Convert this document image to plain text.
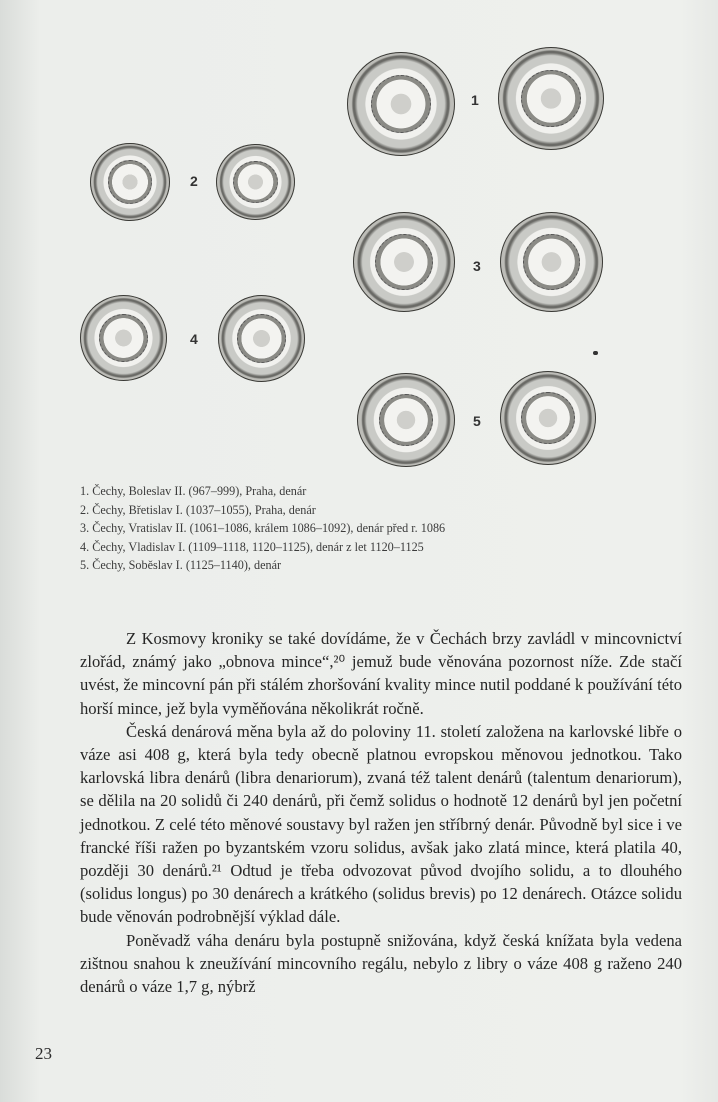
1
2
3
4
5
1. Čechy, Boleslav II. (967–999), Praha, denár
2. Čechy, Břetislav I. (1037–1055), Praha, denár
3. Čechy, Vratislav II. (1061–1086, králem 1086–1092), denár před r. 1086
4. Čechy, Vladislav I. (1109–1118, 1120–1125), denár z let 1120–1125
5. Čechy, Soběslav I. (1125–1140), denár

Z Kosmovy kroniky se také dovídáme, že v Čechách brzy zavládl v mincovnictví zlořád, známý jako „obnova mince“,²⁰ jemuž bude věnována pozornost níže. Zde stačí uvést, že mincovní pán při stálém zhoršování kvality mince nutil poddané k používání této horší mince, jež byla vyměňována několikrát ročně.

Česká denárová měna byla až do poloviny 11. století založena na karlovské libře o váze asi 408 g, která byla tedy obecně platnou evropskou měnovou jednotkou. Tako karlovská libra denárů (libra denariorum), zvaná též talent denárů (talentum denariorum), se dělila na 20 solidů či 240 denárů, při čemž solidus o hodnotě 12 denárů byl jen početní jednotkou. Z celé této měnové soustavy byl ražen jen stříbrný denár. Původně byl sice i ve francké říši ražen po byzantském vzoru solidus, avšak jako zlatá mince, která platila 40, později 30 denárů.²¹ Odtud je třeba odvozovat původ dvojího solidu, a to dlouhého (solidus longus) po 30 denárech a krátkého (solidus brevis) po 12 denárech. Otázce solidu bude věnován podrobnější výklad dále.

Poněvadž váha denáru byla postupně snižována, když česká knížata byla vedena zištnou snahou k zneužívání mincovního regálu, nebylo z libry o váze 408 g raženo 240 denárů o váze 1,7 g, nýbrž

23
